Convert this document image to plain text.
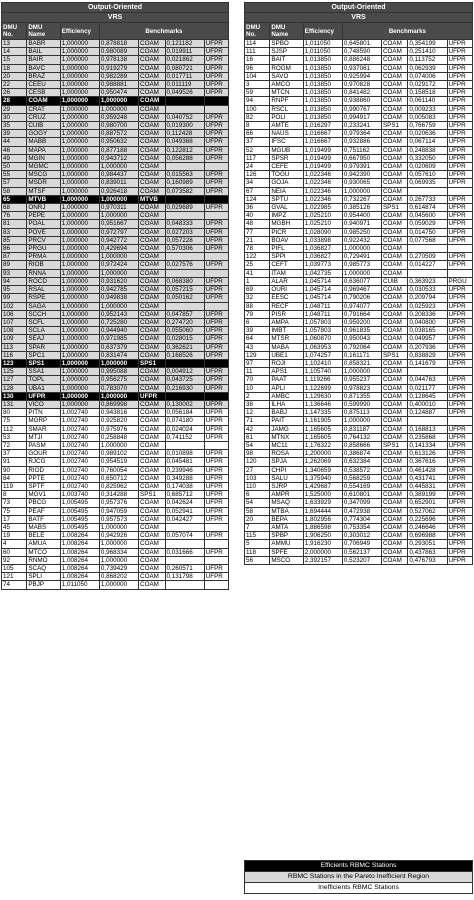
Output-Oriented						
VRS						
DMU No.	DMU Name	Efficiency	Benchmarks			
13	BABR	1,000000	0,878818	COAM	0,121182	UFPR
14	BAIL	1,000000	0,980089	COAM	0,019911	UFPR
15	BAIR	1,000000	0,978138	COAM	0,021862	UFPR
18	BAVC	1,000000	0,919279	COAM	0,080721	UFPR
20	BRAZ	1,000000	0,982289	COAM	0,017711	UFPR
22	CEEU	1,000000	0,988881	COAM	0,011119	UFPR
26	CESB	1,000000	0,950474	COAM	0,049526	UFPR
28	COAM	1,000000	1,000000	COAM		
29	CRAT	1,000000	1,000000	COAM		
30	CRUZ	1,000000	0,959248	COAM	0,040752	UFPR
35	CUIB	1,000000	0,980700	COAM	0,019300	UFPR
39	GOGY	1,000000	0,887572	COAM	0,112428	UFPR
44	MABB	1,000000	0,950632	COAM	0,049368	UFPR
46	MAPA	1,000000	0,877188	COAM	0,122812	UFPR
49	MGIN	1,000000	0,943712	COAM	0,056288	UFPR
50	MGMC	1,000000	1,000000	COAM		
55	MSCG	1,000000	0,984437	COAM	0,015563	UFPR
57	MSDR	1,000000	0,839011	COAM	0,160989	UFPR
58	MTSF	1,000000	0,926418	COAM	0,073582	UFPR
65	MTVB	1,000000	1,000000	MTVB		
68	ONRJ	1,000000	0,970311	COAM	0,029689	UFPR
76	PEPE	1,000000	1,000000	COAM		
81	POAL	1,000000	0,951667	COAM	0,048333	UFPR
83	POVE	1,000000	0,972797	COAM	0,027203	UFPR
85	PRCV	1,000000	0,942772	COAM	0,057228	UFPR
86	PRGU	1,000000	0,429694	COAM	0,570306	UFPR
87	PRMA	1,000000	1,000000	COAM		
89	RIOB	1,000000	0,972424	COAM	0,027576	UFPR
93	RNNA	1,000000	1,000000	COAM		
94	ROCD	1,000000	0,931620	COAM	0,068380	UFPR
95	RSAL	1,000000	0,942785	COAM	0,057215	UFPR
99	RSPE	1,000000	0,949838	COAM	0,050162	UFPR
102	SAGA	1,000000	1,000000	COAM		
106	SCCH	1,000000	0,952143	COAM	0,047857	UFPR
107	SCFL	1,000000	0,725280	COAM	0,274720	UFPR
108	SCLA	1,000000	0,944940	COAM	0,055060	UFPR
109	SEAJ	1,000000	0,971985	COAM	0,028015	UFPR
113	SPAR	1,000000	0,637379	COAM	0,362621	UFPR
116	SPC1	1,000000	0,831474	COAM	0,168526	UFPR
123	SPS1	1,000000	1,000000	SPS1		
125	SSA1	1,000000	0,995088	COAM	0,004912	UFPR
127	TOPL	1,000000	0,956275	COAM	0,043725	UFPR
128	UBA1	1,000000	0,783070	COAM	0,216930	UFPR
130	UFPR	1,000000	1,000000	UFPR		
131	VICO	1,000000	0,869998	COAM	0,130002	UFPR
80	PITN	1,002740	0,943816	COAM	0,056184	UFPR
75	MGRP	1,002740	0,925820	COAM	0,074180	UFPR
112	SMAR	1,002740	0,975976	COAM	0,024024	UFPR
53	MTJI	1,002740	0,258848	COAM	0,741152	UFPR
72	PASM	1,002740	1,000000	COAM		
37	GOUR	1,002740	0,989102	COAM	0,010898	UFPR
91	RJCG	1,002740	0,954519	COAM	0,045481	UFPR
90	RIOD	1,002740	0,760054	COAM	0,239946	UFPR
84	PPTE	1,002740	0,650712	COAM	0,349288	UFPR
119	SPTF	1,002740	0,825962	COAM	0,174038	UFPR
8	MGV1	1,003740	0,314288	SPS1	0,685712	UFPR
73	PBCG	1,005495	0,957376	COAM	0,042624	UFPR
75	PEAF	1,005495	0,947059	COAM	0,052941	UFPR
17	BATF	1,005495	0,957573	COAM	0,042427	UFPR
45	MABS	1,005495	1,000000	COAM		
19	BELE	1,008264	0,942926	COAM	0,057074	UFPR
4	AMUA	1,008264	1,000000	COAM		
60	MTCO	1,008264	0,968334	COAM	0,031666	UFPR
92	RNMO	1,008264	1,000000	COAM		
105	SCAQ	1,008264	0,739429	COAM	0,260571	UFPR
121	SPLI	1,008264	0,868202	COAM	0,131798	UFPR
74	PBJP	1,011050	1,000000	COAM		
Output-Oriented						
VRS						
DMU No.	DMU Name	Efficiency	Benchmarks			
114	SPBO	1,011050	0,645801	COAM	0,354199	UFPR
111	SJSP	1,011050	0,748590	COAM	0,251410	UFPR
16	BAIT	1,013850	0,886248	COAM	0,113752	UFPR
96	ROGM	1,013850	0,937061	COAM	0,062939	UFPR
104	SAVO	1,013850	0,925994	COAM	0,074006	UFPR
3	AMCO	1,013850	0,970828	COAM	0,029172	UFPR
59	MTCN	1,013850	0,841482	COAM	0,158518	UFPR
94	RNPF	1,013850	0,938860	COAM	0,061140	UFPR
100	RSCL	1,013850	0,990767	COAM	0,009233	UFPR
82	POLI	1,013850	0,994917	COAM	0,005083	UFPR
8	AMTE	1,016297	0,233241	SPS1	0,766759	UFPR
66	NAUS	1,016667	0,979364	COAM	0,020636	UFPR
37	IFSC	1,016667	0,932886	COAM	0,067114	UFPR
52	MGUB	1,019499	0,751162	COAM	0,248838	UFPR
117	SPSR	1,019499	0,667950	COAM	0,332050	UFPR
24	CEFE	1,019499	0,979391	COAM	0,020609	UFPR
126	TOGU	1,022346	0,942390	COAM	0,057610	UFPR
34	GOJA	1,022346	0,930065	COAM	0,069935	UFPR
67	NEIA	1,022346	1,000000	COAM		
124	SPTU	1,022346	0,732267	COAM	0,267733	UFPR
36	GVAL	1,022985	0,385126	SPS1	0,614874	UFPR
40	IMPZ	1,025210	0,954400	COAM	0,045600	UFPR
48	MGBH	1,025210	0,940971	COAM	0,059029	UFPR
77	PICR	1,028090	0,985250	COAM	0,014750	UFPR
21	BOAV	1,033898	0,922432	COAM	0,077568	UFPR
78	PIFL	1,036827	1,000000	COAM		
122	SPPI	1,036827	0,729491	COAM	0,270509	UFPR
25	CEFT	1,039773	0,985773	COAM	0,014227	UFPR
41	ITAM	1,042735	1,000000	COAM		
1	ALAR	1,045714	0,636077	CUIB	0,363923	PRGU
69	OURI	1,045714	0,969467	COAM	0,030533	UFPR
32	EESC	1,045714	0,790206	COAM	0,209794	UFPR
88	RECF	1,048711	0,974077	COAM	0,025923	UFPR
79	PISR	1,048711	0,791664	COAM	0,208336	UFPR
6	AMPA	1,057803	0,959200	COAM	0,040800	UFPR
39	IMBT	1,057803	0,961835	COAM	0,038165	UFPR
64	MTSR	1,060870	0,950043	COAM	0,049957	UFPR
43	MABA	1,063953	0,792064	COAM	0,207936	UFPR
129	UBE1	1,074257	0,161171	SPS1	0,838829	UFPR
97	ROJI	1,102410	0,858321	COAM	0,141679	UFPR
11	APS1	1,105740	1,000000	COAM		
70	PAAT	1,119266	0,955237	COAM	0,044763	UFPR
10	APLI	1,122699	0,978823	COAM	0,021177	UFPR
2	AMBC	1,129630	0,871355	COAM	0,128645	UFPR
38	ILHA	1,136646	0,599990	COAM	0,400010	UFPR
12	BABJ	1,147335	0,875113	COAM	0,124887	UFPR
71	PAIT	1,161905	1,000000	COAM		
42	JAMG	1,165605	0,831187	COAM	0,168813	UFPR
61	MTNX	1,165605	0,764132	COAM	0,235868	UFPR
54	MC11	1,176322	0,858666	SPS1	0,141334	UFPR
98	ROSA	1,200000	0,386874	COAM	0,613126	UFPR
120	SPJA	1,262069	0,632384	COAM	0,367616	UFPR
27	CHPI	1,340659	0,538572	COAM	0,461428	UFPR
103	SALU	1,375940	0,568259	COAM	0,431741	UFPR
110	SJRP	1,429687	0,554169	COAM	0,445831	UFPR
6	AMPR	1,525000	0,610801	COAM	0,389199	UFPR
54	MSAQ	1,633929	0,347099	COAM	0,652901	UFPR
58	MTBA	1,694444	0,472938	COAM	0,527062	UFPR
20	BEPA	1,802956	0,774304	COAM	0,225696	UFPR
7	AMTA	1,886598	0,753354	COAM	0,246646	UFPR
115	SPBP	1,906250	0,303012	COAM	0,696988	UFPR
5	AMMU	1,916230	0,706949	COAM	0,293051	UFPR
118	SPFE	2,000000	0,562137	COAM	0,437863	UFPR
56	MSCO	2,392157	0,523207	COAM	0,476793	UFPR
Efficients RBMC Stations
RBMC Stations in the Pareto Inefficient Region
Inefficients RBMC Stations
